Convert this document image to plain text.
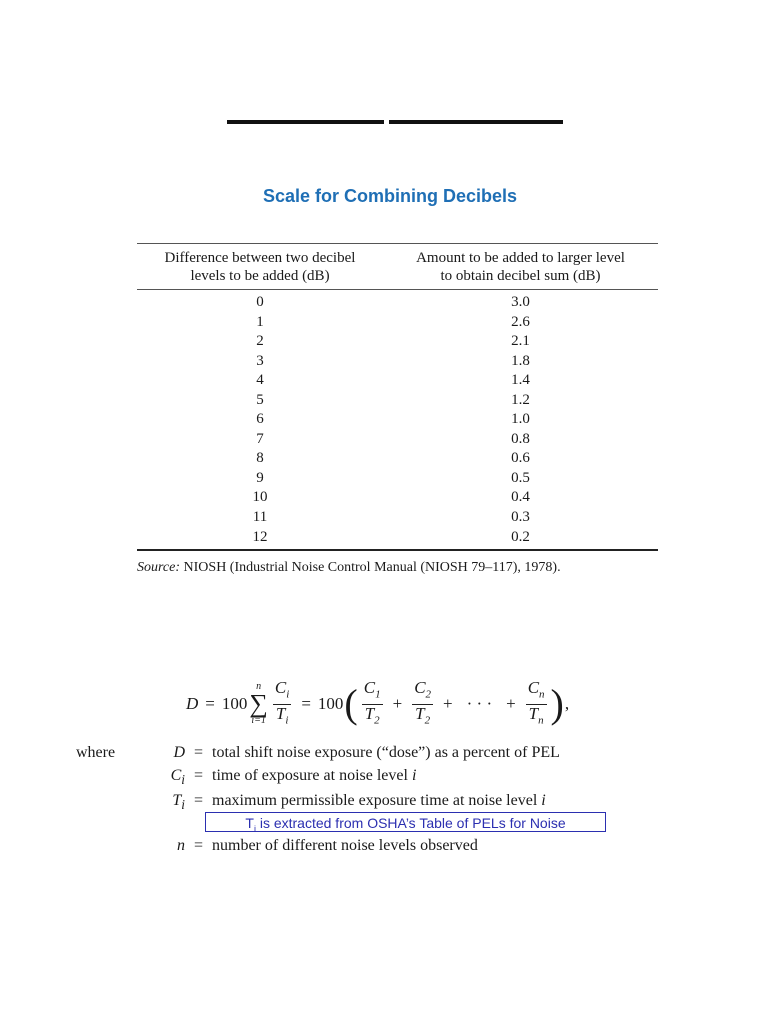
Scale for Combining Decibels
Difference between two decibel
levels to be added (dB)
Amount to be added to larger level
to obtain decibel sum (dB)
0	3.0
1	2.6
2	2.1
3	1.8
4	1.4
5	1.2
6	1.0
7	0.8
8	0.6
9	0.5
10	0.4
11	0.3
12	0.2
Source: NIOSH (Industrial Noise Control Manual (NIOSH 79–117), 1978).
D = 100
n
∑
$i=1 \frac{C_i}{T_i} = 100$ ( $\frac{C_1}{T_2} + \frac{C_2}{T_2}$ + · · · + $\frac{C_n}{T_n}$ ) ,
where	D = total shift noise exposure (“dose”) as a percent of PEL
$C_i$ = time of exposure at noise level i
$T_i$ = maximum permissible exposure time at noise level i
n = number of different noise levels observed
$T_i$ is extracted from OSHA’s Table of PELs for Noise
